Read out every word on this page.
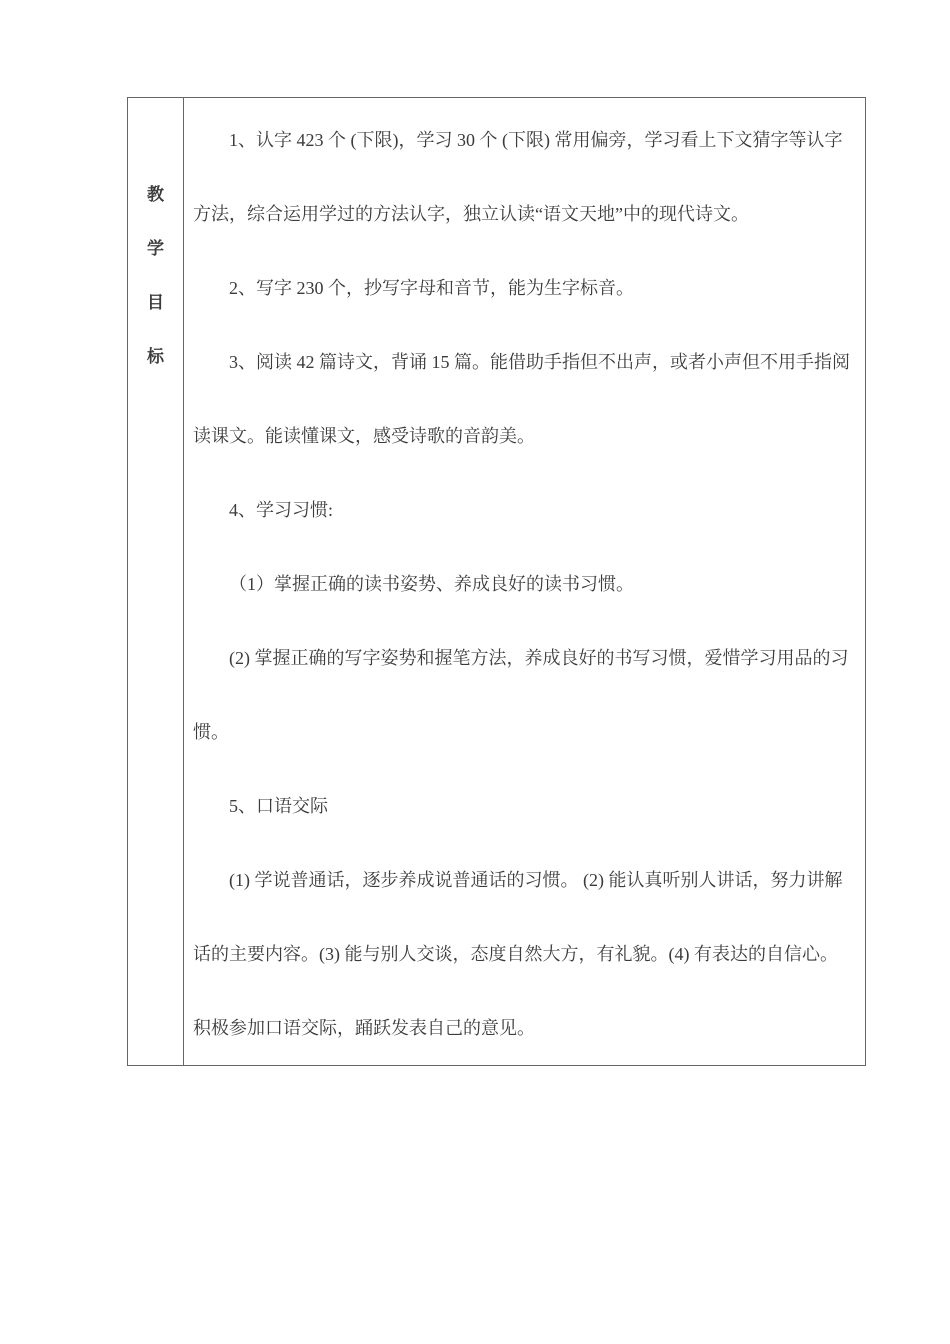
教
学
目
标

1、认字 423 个 (下限)，学习 30 个 (下限) 常用偏旁，学习看上下文猜字等认字方法，综合运用学过的方法认字，独立认读“语文天地”中的现代诗文。

2、写字 230 个，抄写字母和音节，能为生字标音。

3、阅读 42 篇诗文，背诵 15 篇。能借助手指但不出声，或者小声但不用手指阅读课文。能读懂课文，感受诗歌的音韵美。

4、学习习惯:

（1）掌握正确的读书姿势、养成良好的读书习惯。

(2) 掌握正确的写字姿势和握笔方法，养成良好的书写习惯，爱惜学习用品的习惯。

5、口语交际

(1) 学说普通话，逐步养成说普通话的习惯。 (2) 能认真听别人讲话，努力讲解话的主要内容。(3) 能与别人交谈，态度自然大方，有礼貌。(4) 有表达的自信心。积极参加口语交际，踊跃发表自己的意见。
